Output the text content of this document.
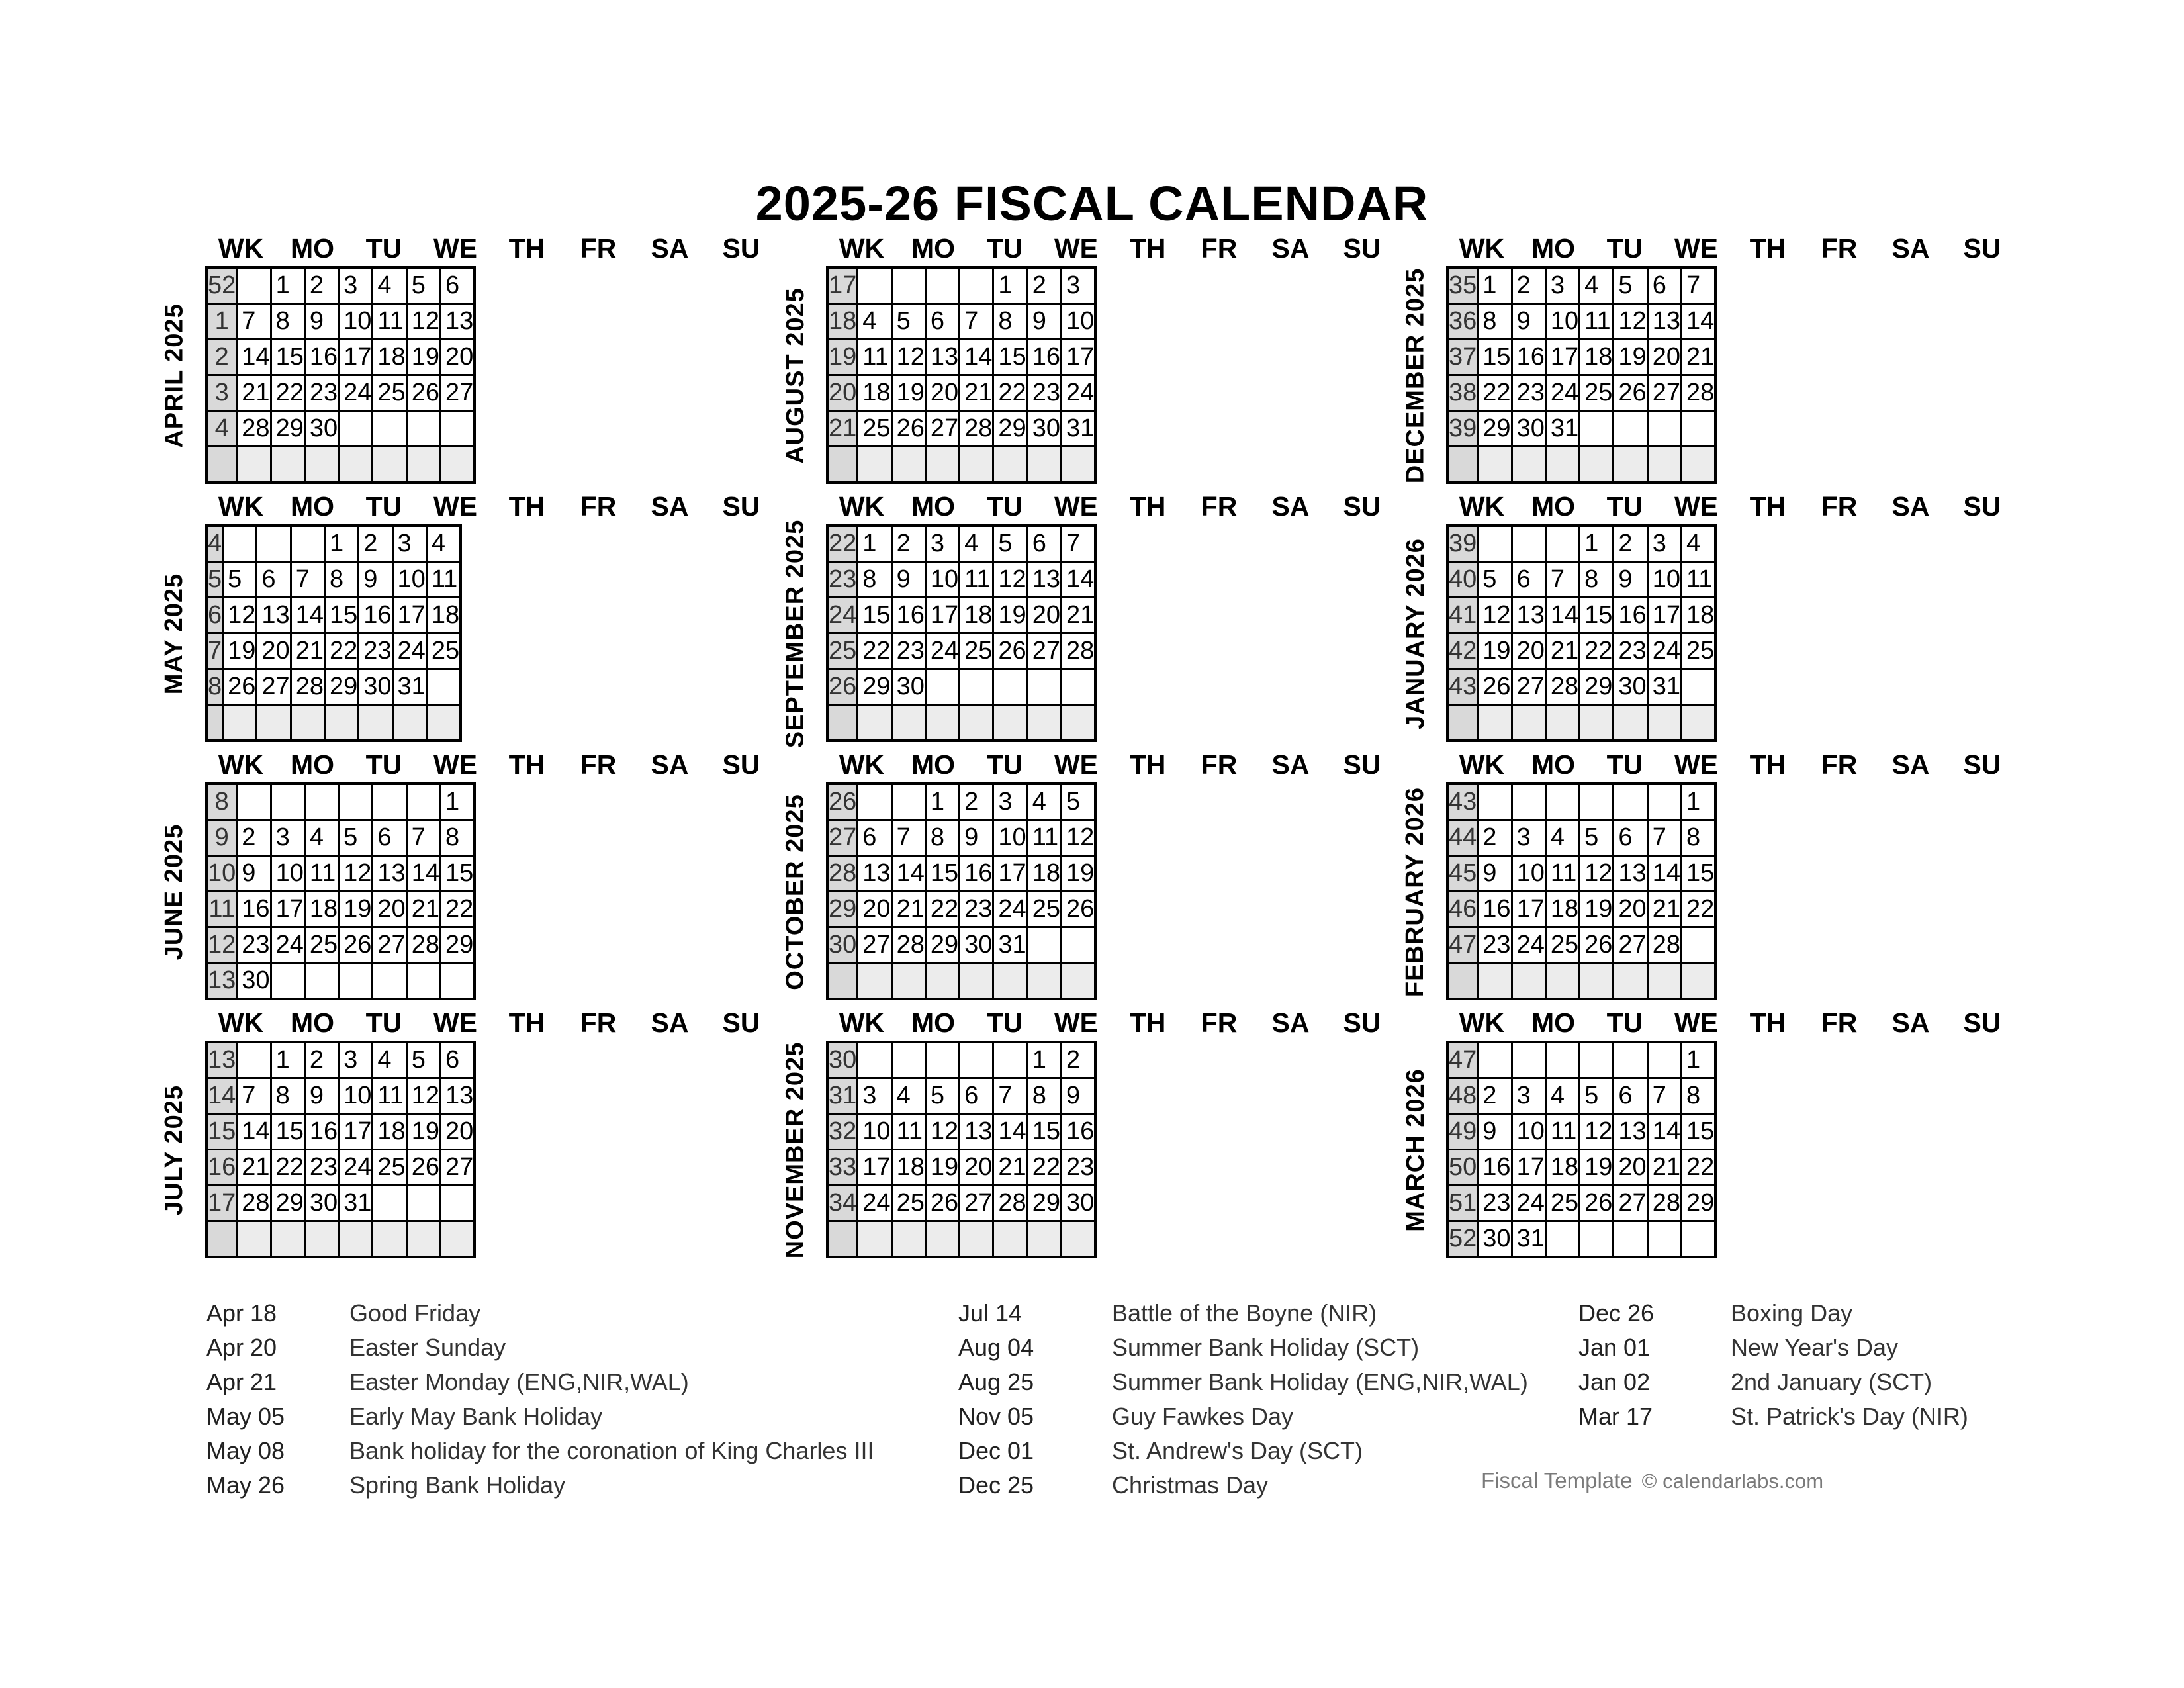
2025-26 FISCAL CALENDAR
APRIL 2025
WK MO	TU	WE	TH	FR	SA	SU
52		1	2	3	4	5	6
1	7	8	9	10	11	12	13
2	14	15	16	17	18	19	20
3	21	22	23	24	25	26	27
4	28	29	30				
								AUGUST 2025
WK MO	TU	WE	TH	FR	SA	SU
17					1	2	3
18	4	5	6	7	8	9	10
19	11	12	13	14	15	16	17
20	18	19	20	21	22	23	24
21	25	26	27	28	29	30	31
								DECEMBER 2025
WK MO	TU	WE	TH	FR	SA	SU
35	1	2	3	4	5	6	7
36	8	9	10	11	12	13	14
37	15	16	17	18	19	20	21
38	22	23	24	25	26	27	28
39	29	30	31				

MAY 2025
WK MO	TU	WE	TH	FR	SA	SU
4				1	2	3	4
5	5	6	7	8	9	10	11
6	12	13	14	15	16	17	18
7	19	20	21	22	23	24	25
8	26	27	28	29	30	31	
								SEPTEMBER 2025
WK MO	TU	WE	TH	FR	SA	SU
22	1	2	3	4	5	6	7
23	8	9	10	11	12	13	14
24	15	16	17	18	19	20	21
25	22	23	24	25	26	27	28
26	29	30					
								JANUARY 2026
WK MO	TU	WE	TH	FR	SA	SU
39				1	2	3	4
40	5	6	7	8	9	10	11
41	12	13	14	15	16	17	18
42	19	20	21	22	23	24	25
43	26	27	28	29	30	31	

JUNE 2025
WK MO	TU	WE	TH	FR	SA	SU
8							1
9	2	3	4	5	6	7	8
10	9	10	11	12	13	14	15
11	16	17	18	19	20	21	22
12	23	24	25	26	27	28	29
13	30							OCTOBER 2025
WK MO	TU	WE	TH	FR	SA	SU
26			1	2	3	4	5
27	6	7	8	9	10	11	12
28	13	14	15	16	17	18	19
29	20	21	22	23	24	25	26
30	27	28	29	30	31		
								FEBRUARY 2026
WK MO	TU	WE	TH	FR	SA	SU
43							1
44	2	3	4	5	6	7	8
45	9	10	11	12	13	14	15
46	16	17	18	19	20	21	22
47	23	24	25	26	27	28	

JULY 2025
WK MO	TU	WE	TH	FR	SA	SU
13		1	2	3	4	5	6
14	7	8	9	10	11	12	13
15	14	15	16	17	18	19	20
16	21	22	23	24	25	26	27
17	28	29	30	31			
								NOVEMBER 2025
WK MO	TU	WE	TH	FR	SA	SU
30						1	2
31	3	4	5	6	7	8	9
32	10	11	12	13	14	15	16
33	17	18	19	20	21	22	23
34	24	25	26	27	28	29	30
								MARCH 2026
WK MO	TU	WE	TH	FR	SA	SU
47							1
48	2	3	4	5	6	7	8
49	9	10	11	12	13	14	15
50	16	17	18	19	20	21	22
51	23	24	25	26	27	28	29
52	30	31					
Apr 18	Good Friday
Apr 20	Easter Sunday
Apr 21	Easter Monday (ENG,NIR,WAL)
May 05	Early May Bank Holiday
May 08	Bank holiday for the coronation of King Charles III
May 26	Spring Bank Holiday
Jul 14	Battle of the Boyne (NIR)
Aug 04	Summer Bank Holiday (SCT)
Aug 25	Summer Bank Holiday (ENG,NIR,WAL)
Nov 05	Guy Fawkes Day
Dec 01	St. Andrew's Day (SCT)
Dec 25	Christmas Day
Dec 26	Boxing Day
Jan 01	New Year's Day
Jan 02	2nd January (SCT)
Mar 17	St. Patrick's Day (NIR)
Fiscal Template © calendarlabs.com
